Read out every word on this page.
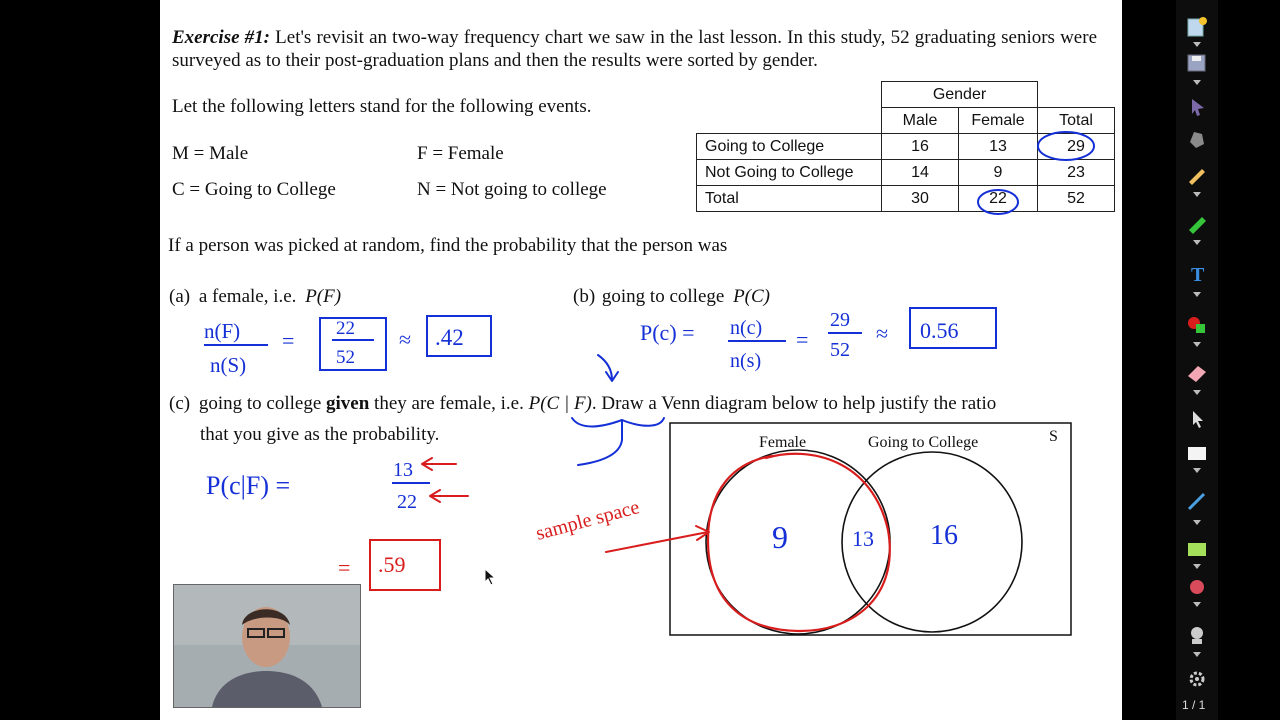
Exercise #1: Let's revisit an two-way frequency chart we saw in the last lesson. In this study, 52 graduating seniors were surveyed as to their post-graduation plans and then the results were sorted by gender.
Let the following letters stand for the following events.
M = Male	F = Female
C = Going to College	N = Not going to college
	Gender		
	Male	Female	Total
Going to College	16	13	29
Not Going to College	14	9	23
Total	30	22	52
If a person was picked at random, find the probability that the person was
(a) a female, i.e. P(F)	(b) going to college P(C)
(c) going to college given they are female, i.e. P(C | F). Draw a Venn diagram below to help justify the ratio
that you give as the probability.	Female	Going to College	S
9	13 16
sample space
n(F)
n(S)
= 22
52
≈ .42	P(c) = n(c)
n(s)
=
29
52
≈ 0.56
P(c|F) =
13
22
= .59
T
1 / 1
